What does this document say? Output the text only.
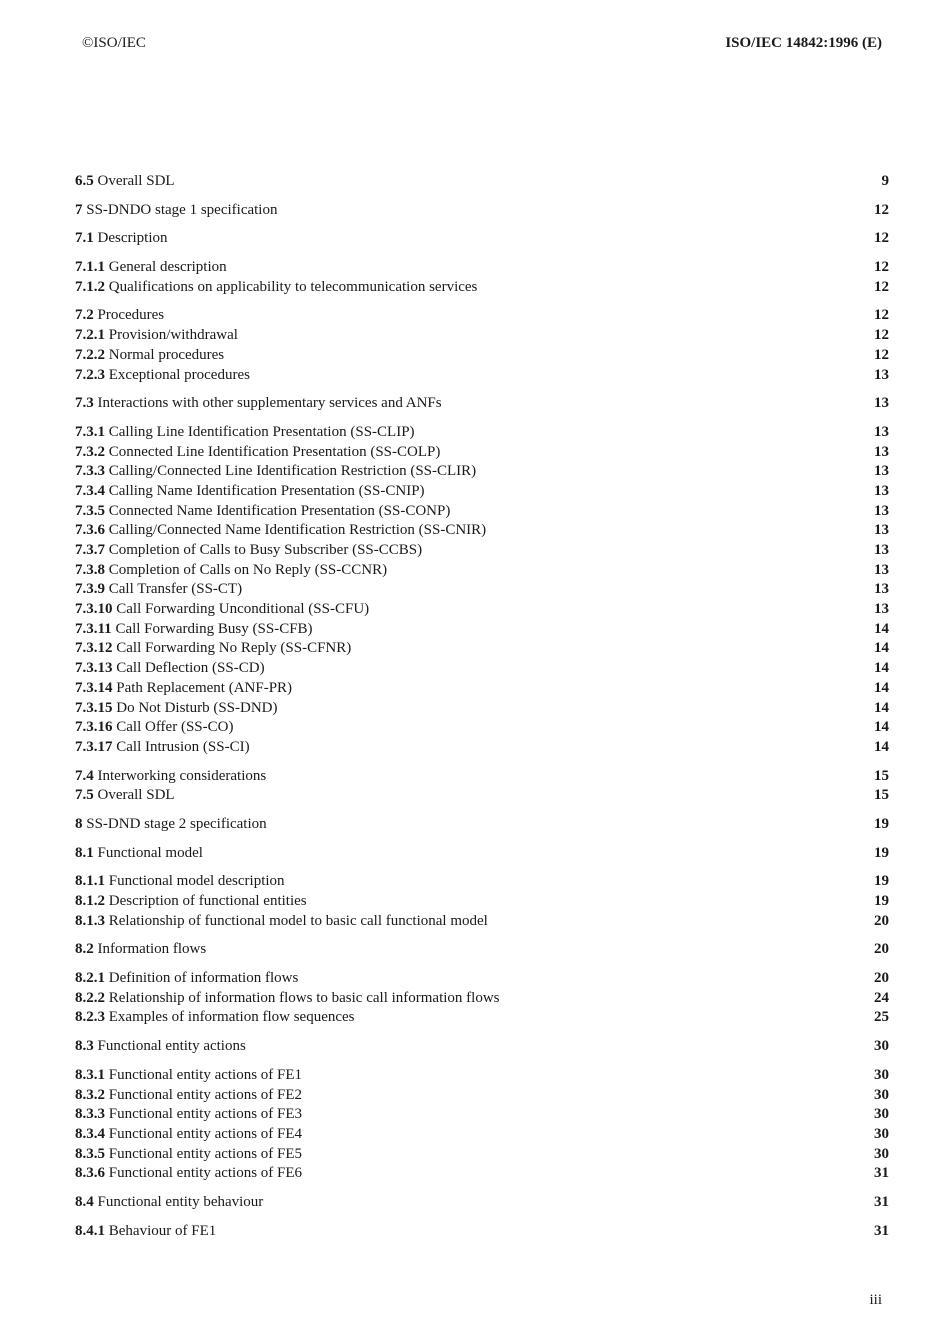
©ISO/IEC	ISO/IEC 14842:1996 (E)
6.5 Overall SDL	9
7 SS-DNDO stage 1 specification	12
7.1 Description	12
7.1.1 General description	12
7.1.2 Qualifications on applicability to telecommunication services	12
7.2 Procedures	12
7.2.1 Provision/withdrawal	12
7.2.2 Normal procedures	12
7.2.3 Exceptional procedures	13
7.3 Interactions with other supplementary services and ANFs	13
7.3.1 Calling Line Identification Presentation (SS-CLIP)	13
7.3.2 Connected Line Identification Presentation (SS-COLP)	13
7.3.3 Calling/Connected Line Identification Restriction (SS-CLIR)	13
7.3.4 Calling Name Identification Presentation (SS-CNIP)	13
7.3.5 Connected Name Identification Presentation (SS-CONP)	13
7.3.6 Calling/Connected Name Identification Restriction (SS-CNIR)	13
7.3.7 Completion of Calls to Busy Subscriber (SS-CCBS)	13
7.3.8 Completion of Calls on No Reply (SS-CCNR)	13
7.3.9 Call Transfer (SS-CT)	13
7.3.10 Call Forwarding Unconditional (SS-CFU)	13
7.3.11 Call Forwarding Busy (SS-CFB)	14
7.3.12 Call Forwarding No Reply (SS-CFNR)	14
7.3.13 Call Deflection (SS-CD)	14
7.3.14 Path Replacement (ANF-PR)	14
7.3.15 Do Not Disturb (SS-DND)	14
7.3.16 Call Offer (SS-CO)	14
7.3.17 Call Intrusion (SS-CI)	14
7.4 Interworking considerations	15
7.5 Overall SDL	15
8 SS-DND stage 2 specification	19
8.1 Functional model	19
8.1.1 Functional model description	19
8.1.2 Description of functional entities	19
8.1.3 Relationship of functional model to basic call functional model	20
8.2 Information flows	20
8.2.1 Definition of information flows	20
8.2.2 Relationship of information flows to basic call information flows	24
8.2.3 Examples of information flow sequences	25
8.3 Functional entity actions	30
8.3.1 Functional entity actions of FE1	30
8.3.2 Functional entity actions of FE2	30
8.3.3 Functional entity actions of FE3	30
8.3.4 Functional entity actions of FE4	30
8.3.5 Functional entity actions of FE5	30
8.3.6 Functional entity actions of FE6	31
8.4 Functional entity behaviour	31
8.4.1 Behaviour of FE1	31
iii
